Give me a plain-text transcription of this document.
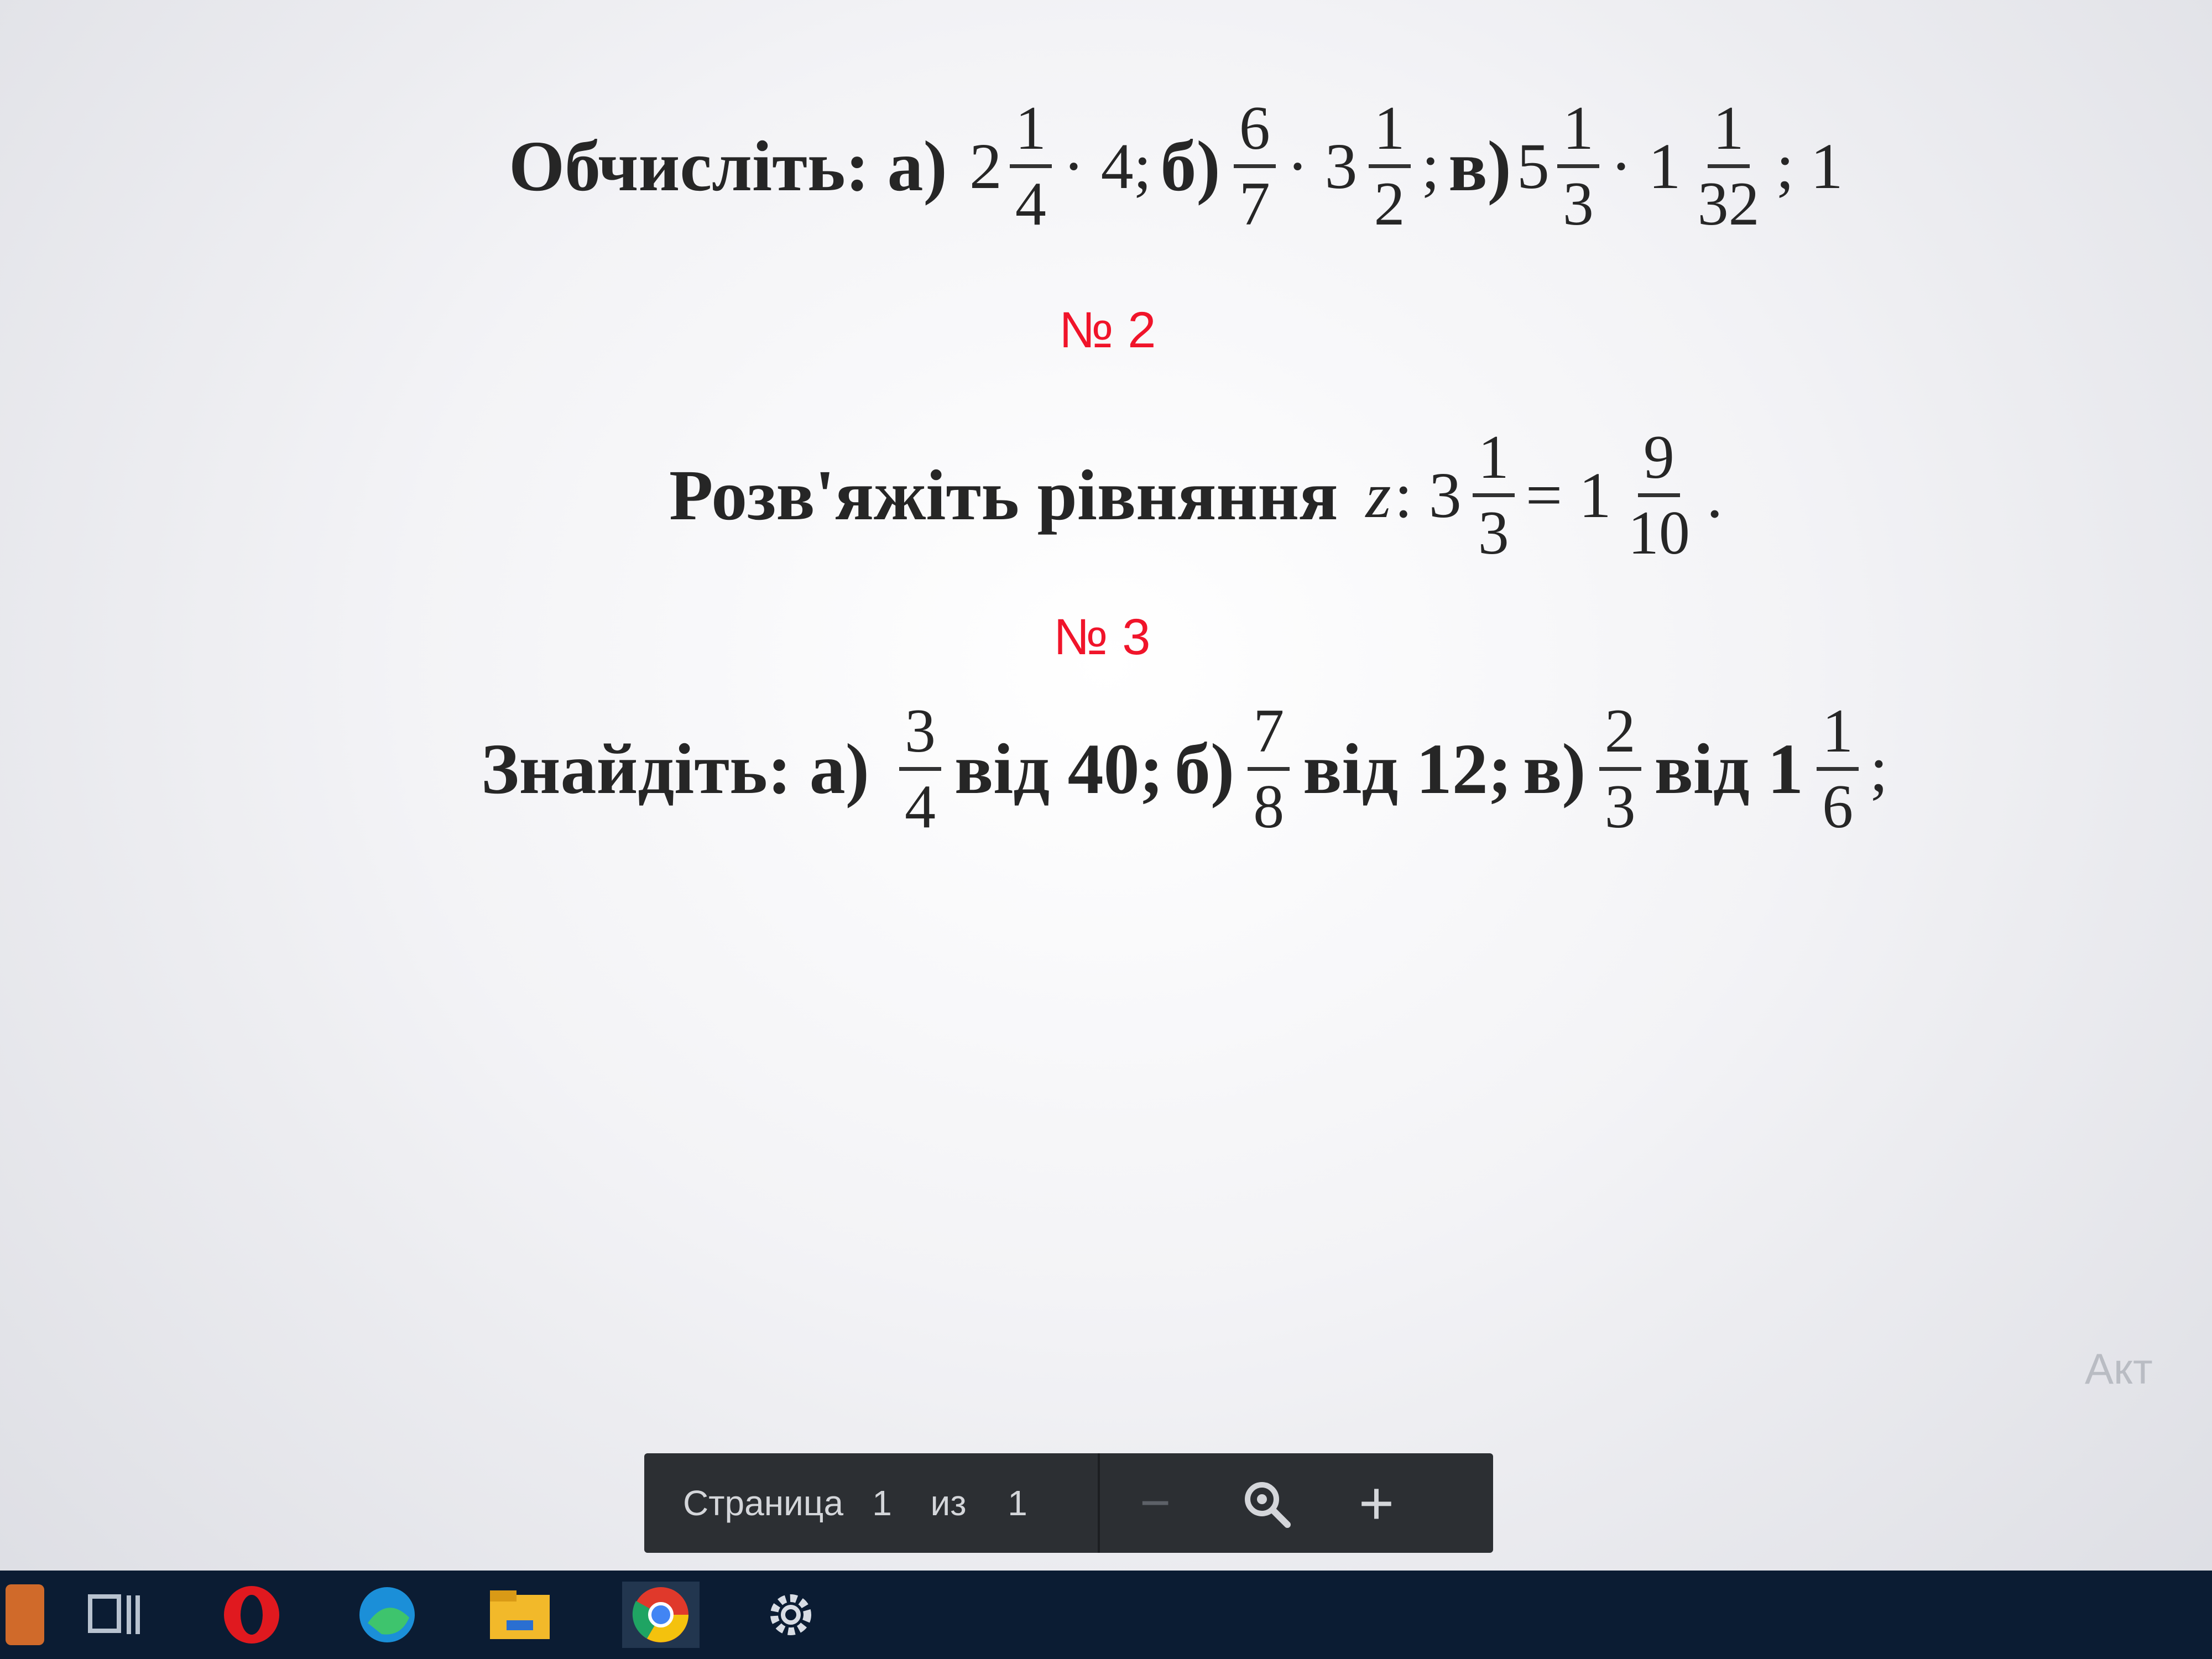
Обчисліть: а) $2 \frac{1}{4} \cdot 4$; $б) \frac{6}{7} \cdot 3 \frac{1}{2}$ ; в) $5 \frac{1}{3} \cdot 1 \frac{1}{32}$ ; 1
№ 2
Розв'яжіть рівняння z : $3 \frac{1}{3} = 1 \frac{9}{10}$ .
№ 3
Знайдіть: $а) \frac{3}{4}$ від 40; $б) \frac{7}{8}$ від 12; $в) \frac{2}{3}$ від $1 \frac{1}{6}$ ;
Акт
Страница 1	из	1	−	+
